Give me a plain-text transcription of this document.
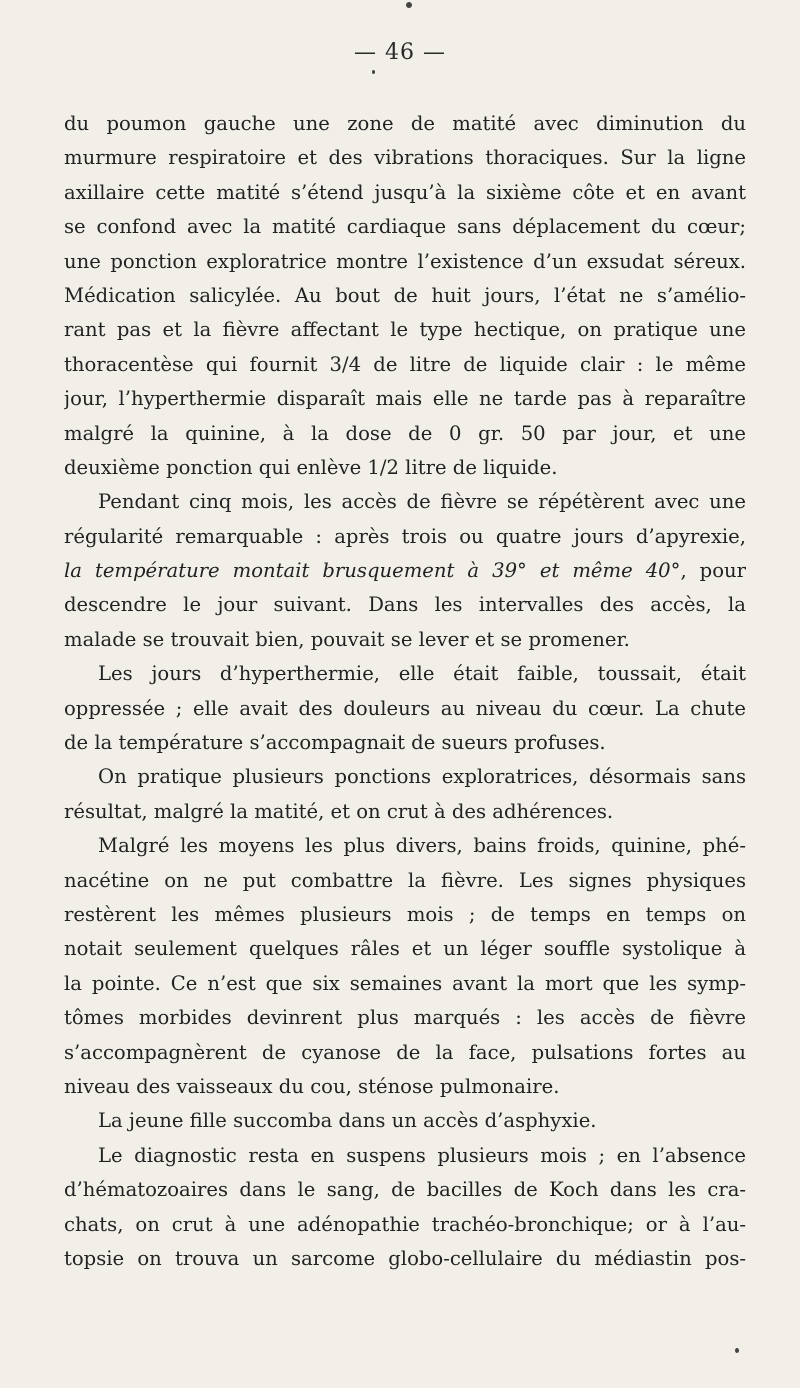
— 46 —
du poumon gauche une zone de matité avec diminution du
murmure respiratoire et des vibrations thoraciques. Sur la ligne
axillaire cette matité s’étend jusqu’à la sixième côte et en avant
se confond avec la matité cardiaque sans déplacement du cœur;
une ponction exploratrice montre l’existence d’un exsudat séreux.
Médication salicylée. Au bout de huit jours, l’état ne s’amélio-
rant pas et la fièvre affectant le type hectique, on pratique une
thoracentèse qui fournit 3/4 de litre de liquide clair : le même
jour, l’hyperthermie disparaît mais elle ne tarde pas à reparaître
malgré la quinine, à la dose de 0 gr. 50 par jour, et une
deuxième ponction qui enlève 1/2 litre de liquide.
Pendant cinq mois, les accès de fièvre se répétèrent avec une
régularité remarquable : après trois ou quatre jours d’apyrexie,
la température montait brusquement à 39° et même 40°, pour
descendre le jour suivant. Dans les intervalles des accès, la
malade se trouvait bien, pouvait se lever et se promener.
Les jours d’hyperthermie, elle était faible, toussait, était
oppressée ; elle avait des douleurs au niveau du cœur. La chute
de la température s’accompagnait de sueurs profuses.
On pratique plusieurs ponctions exploratrices, désormais sans
résultat, malgré la matité, et on crut à des adhérences.
Malgré les moyens les plus divers, bains froids, quinine, phé-
nacétine on ne put combattre la fièvre. Les signes physiques
restèrent les mêmes plusieurs mois ; de temps en temps on
notait seulement quelques râles et un léger souffle systolique à
la pointe. Ce n’est que six semaines avant la mort que les symp-
tômes morbides devinrent plus marqués : les accès de fièvre
s’accompagnèrent de cyanose de la face, pulsations fortes au
niveau des vaisseaux du cou, sténose pulmonaire.
La jeune fille succomba dans un accès d’asphyxie.
Le diagnostic resta en suspens plusieurs mois ; en l’absence
d’hématozoaires dans le sang, de bacilles de Koch dans les cra-
chats, on crut à une adénopathie trachéo-bronchique; or à l’au-
topsie on trouva un sarcome globo-cellulaire du médiastin pos-
